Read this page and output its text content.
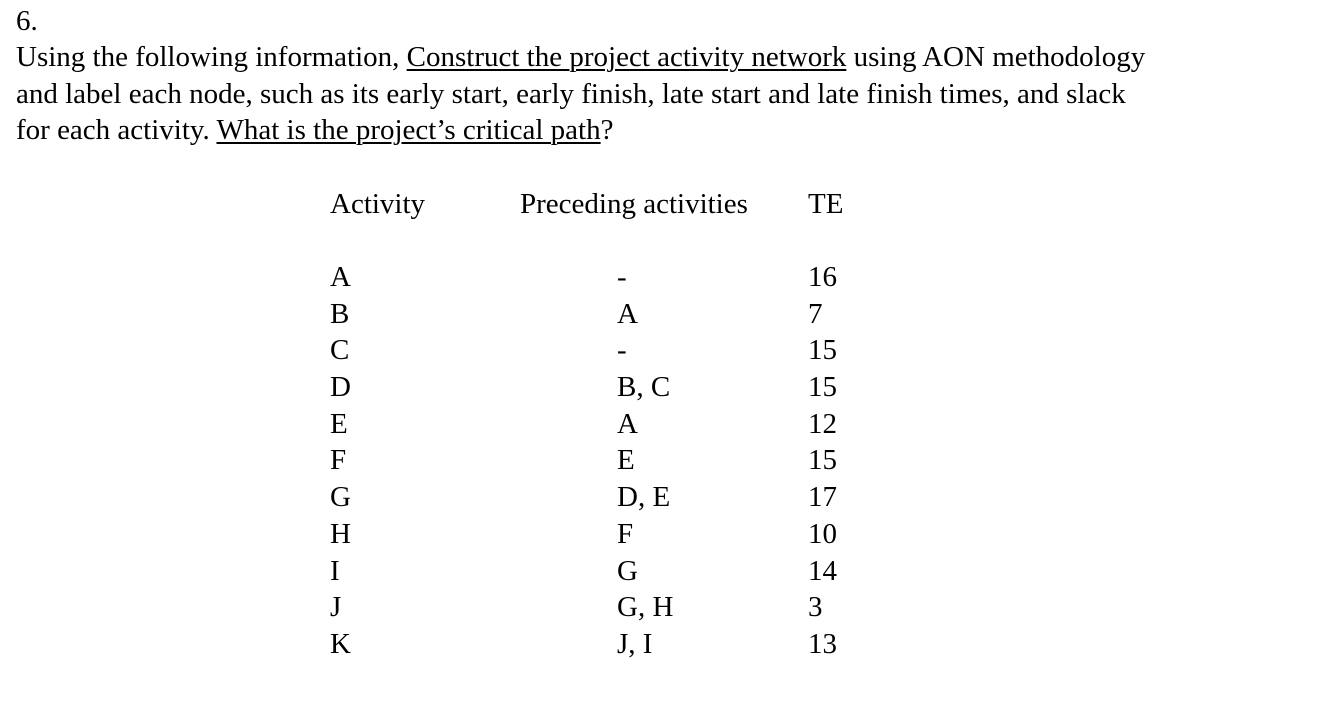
6.
Using the following information, Construct the project activity network using AON methodology
and label each node, such as its early start, early finish, late start and late finish times, and slack
for each activity. What is the project’s critical path?
Activity	Preceding activities TE
A	-	16
B	A	7
C	-	15
D	B, C	15
E	A	12
F	E	15
G	D, E	17
H	F	10
I	G	14
J	G, H	3
K	J, I	13
